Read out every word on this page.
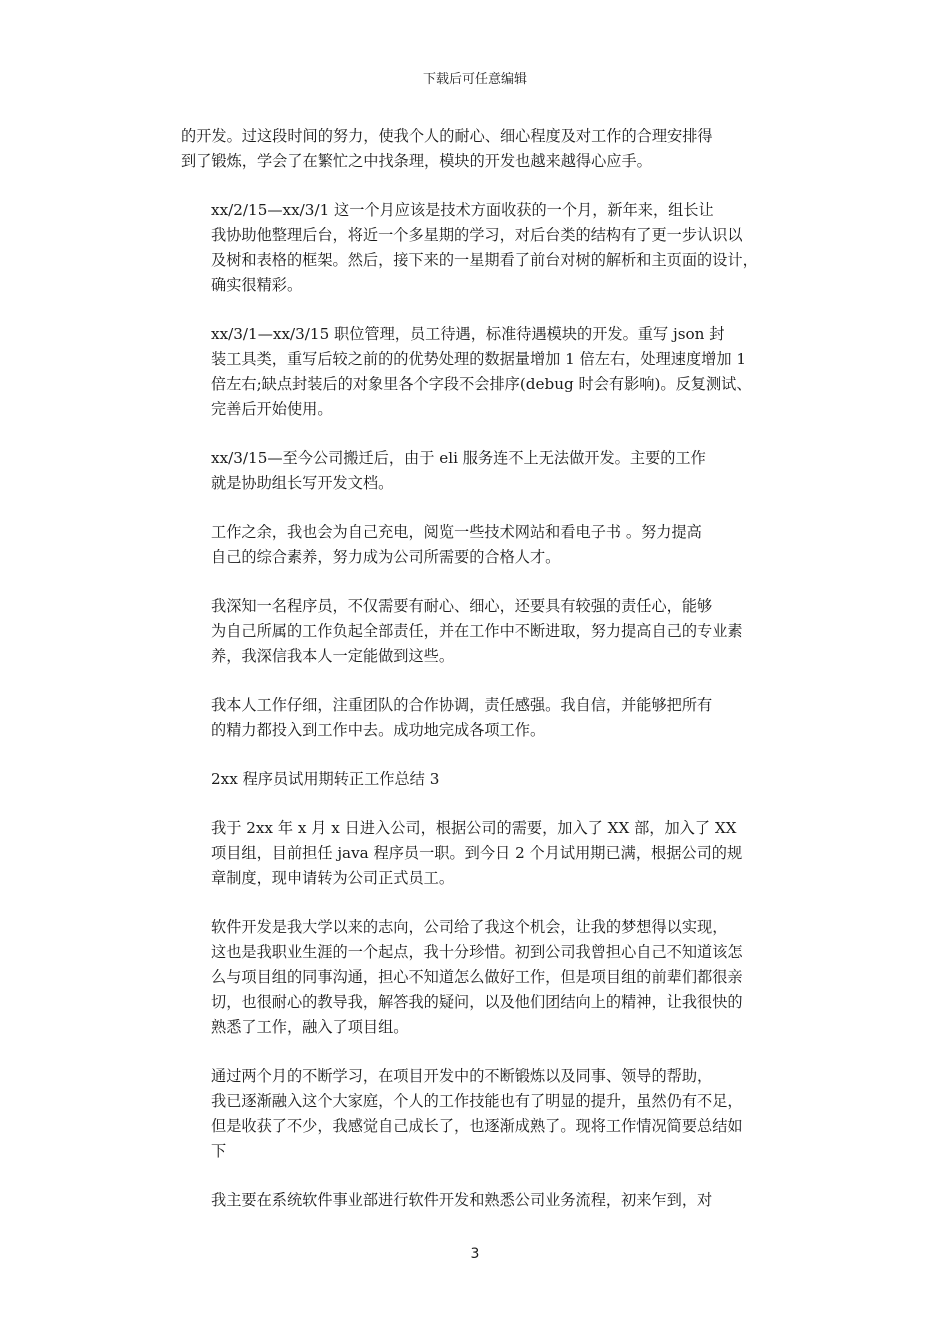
下载后可任意编辑

的开发。过这段时间的努力，使我个人的耐心、细心程度及对工作的合理安排得
到了锻炼，学会了在繁忙之中找条理，模块的开发也越来越得心应手。

xx/2/15—xx/3/1 这一个月应该是技术方面收获的一个月，新年来，组长让
我协助他整理后台，将近一个多星期的学习，对后台类的结构有了更一步认识以
及树和表格的框架。然后，接下来的一星期看了前台对树的解析和主页面的设计，
确实很精彩。

xx/3/1—xx/3/15 职位管理，员工待遇，标准待遇模块的开发。重写 json 封
装工具类，重写后较之前的的优势处理的数据量增加 1 倍左右，处理速度增加 1
倍左右;缺点封装后的对象里各个字段不会排序(debug 时会有影响)。反复测试、
完善后开始使用。

xx/3/15—至今公司搬迁后，由于 eli 服务连不上无法做开发。主要的工作
就是协助组长写开发文档。

工作之余，我也会为自己充电，阅览一些技术网站和看电子书 。努力提高
自己的综合素养，努力成为公司所需要的合格人才。

我深知一名程序员，不仅需要有耐心、细心，还要具有较强的责任心，能够
为自己所属的工作负起全部责任，并在工作中不断进取，努力提高自己的专业素
养，我深信我本人一定能做到这些。

我本人工作仔细，注重团队的合作协调，责任感强。我自信，并能够把所有
的精力都投入到工作中去。成功地完成各项工作。

2xx 程序员试用期转正工作总结 3

我于 2xx 年 x 月 x 日进入公司，根据公司的需要，加入了 XX 部，加入了 XX
项目组，目前担任 java 程序员一职。到今日 2 个月试用期已满，根据公司的规
章制度，现申请转为公司正式员工。

软件开发是我大学以来的志向，公司给了我这个机会，让我的梦想得以实现，
这也是我职业生涯的一个起点，我十分珍惜。初到公司我曾担心自己不知道该怎
么与项目组的同事沟通，担心不知道怎么做好工作，但是项目组的前辈们都很亲
切，也很耐心的教导我，解答我的疑问，以及他们团结向上的精神，让我很快的
熟悉了工作，融入了项目组。

通过两个月的不断学习，在项目开发中的不断锻炼以及同事、领导的帮助，
我已逐渐融入这个大家庭，个人的工作技能也有了明显的提升，虽然仍有不足，
但是收获了不少，我感觉自己成长了，也逐渐成熟了。现将工作情况简要总结如
下

我主要在系统软件事业部进行软件开发和熟悉公司业务流程，初来乍到，对

3
